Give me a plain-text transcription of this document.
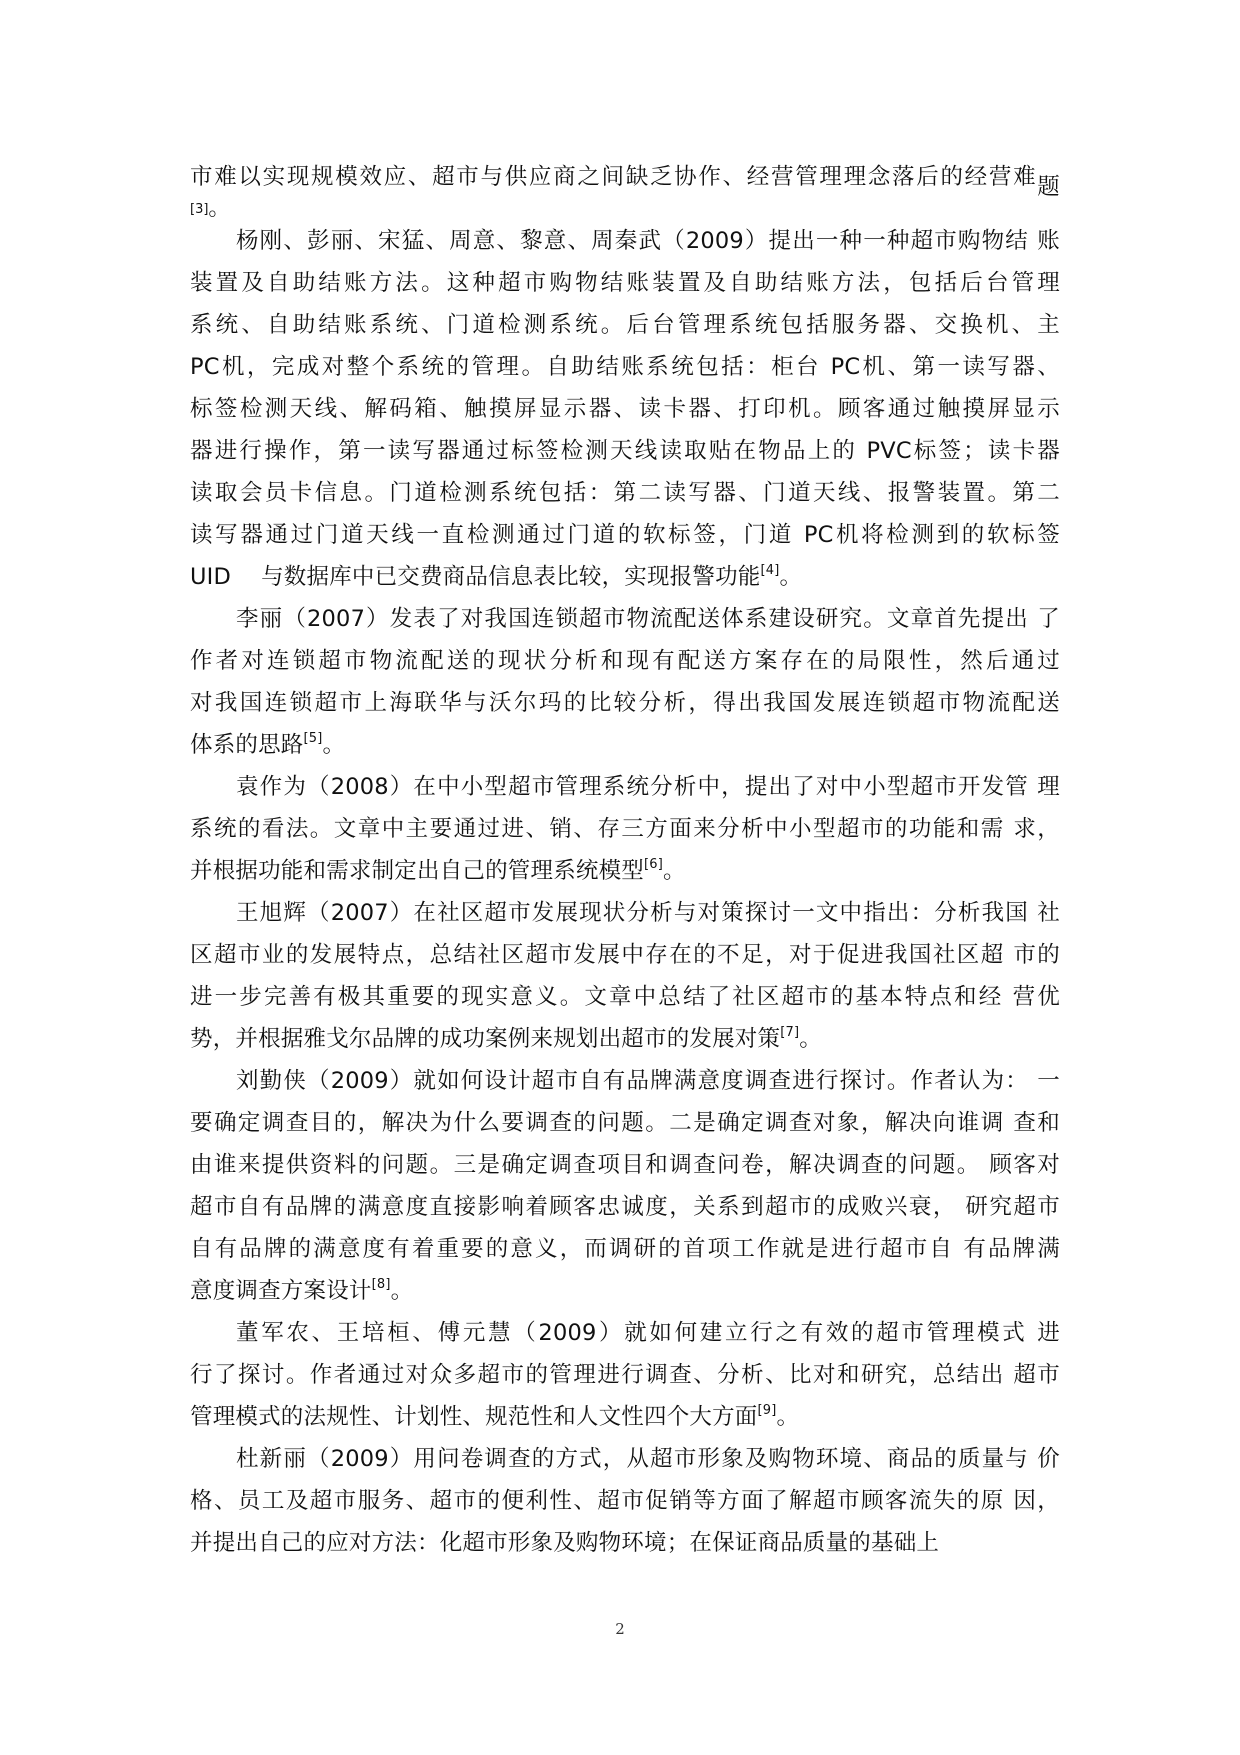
市难以实现规模效应、超市与供应商之间缺乏协作、经营管理理念落后的经营难题
[3]。
杨刚、彭丽、宋猛、周意、黎意、周秦武（2009）提出一种一种超市购物结 账
装置及自助结账方法。这种超市购物结账装置及自助结账方法，包括后台管理
系统、自助结账系统、门道检测系统。后台管理系统包括服务器、交换机、主
PC机，完成对整个系统的管理。自助结账系统包括：柜台 PC机、第一读写器、
标签检测天线、解码箱、触摸屏显示器、读卡器、打印机。顾客通过触摸屏显示
器进行操作，第一读写器通过标签检测天线读取贴在物品上的 PVC标签；读卡器
读取会员卡信息。门道检测系统包括：第二读写器、门道天线、报警装置。第二
读写器通过门道天线一直检测通过门道的软标签，门道 PC机将检测到的软标签
UID　 与数据库中已交费商品信息表比较，实现报警功能[4]。
李丽（2007）发表了对我国连锁超市物流配送体系建设研究。文章首先提出 了
作者对连锁超市物流配送的现状分析和现有配送方案存在的局限性，然后通过
对我国连锁超市上海联华与沃尔玛的比较分析，得出我国发展连锁超市物流配送
体系的思路[5]。
袁作为（2008）在中小型超市管理系统分析中，提出了对中小型超市开发管 理
系统的看法。文章中主要通过进、销、存三方面来分析中小型超市的功能和需 求，
并根据功能和需求制定出自己的管理系统模型[6]。
王旭辉（2007）在社区超市发展现状分析与对策探讨一文中指出：分析我国 社
区超市业的发展特点，总结社区超市发展中存在的不足，对于促进我国社区超 市的
进一步完善有极其重要的现实意义。文章中总结了社区超市的基本特点和经 营优
势，并根据雅戈尔品牌的成功案例来规划出超市的发展对策[7]。
刘勤侠（2009）就如何设计超市自有品牌满意度调查进行探讨。作者认为： 一
要确定调查目的，解决为什么要调查的问题。二是确定调查对象，解决向谁调 查和
由谁来提供资料的问题。三是确定调查项目和调查问卷，解决调查的问题。 顾客对
超市自有品牌的满意度直接影响着顾客忠诚度，关系到超市的成败兴衰， 研究超市
自有品牌的满意度有着重要的意义，而调研的首项工作就是进行超市自 有品牌满
意度调查方案设计[8]。
董军农、王培桓、傅元慧（2009）就如何建立行之有效的超市管理模式 进
行了探讨。作者通过对众多超市的管理进行调查、分析、比对和研究，总结出 超市
管理模式的法规性、计划性、规范性和人文性四个大方面[9]。
杜新丽（2009）用问卷调查的方式，从超市形象及购物环境、商品的质量与 价
格、员工及超市服务、超市的便利性、超市促销等方面了解超市顾客流失的原 因，
并提出自己的应对方法：化超市形象及购物环境；在保证商品质量的基础上
2
